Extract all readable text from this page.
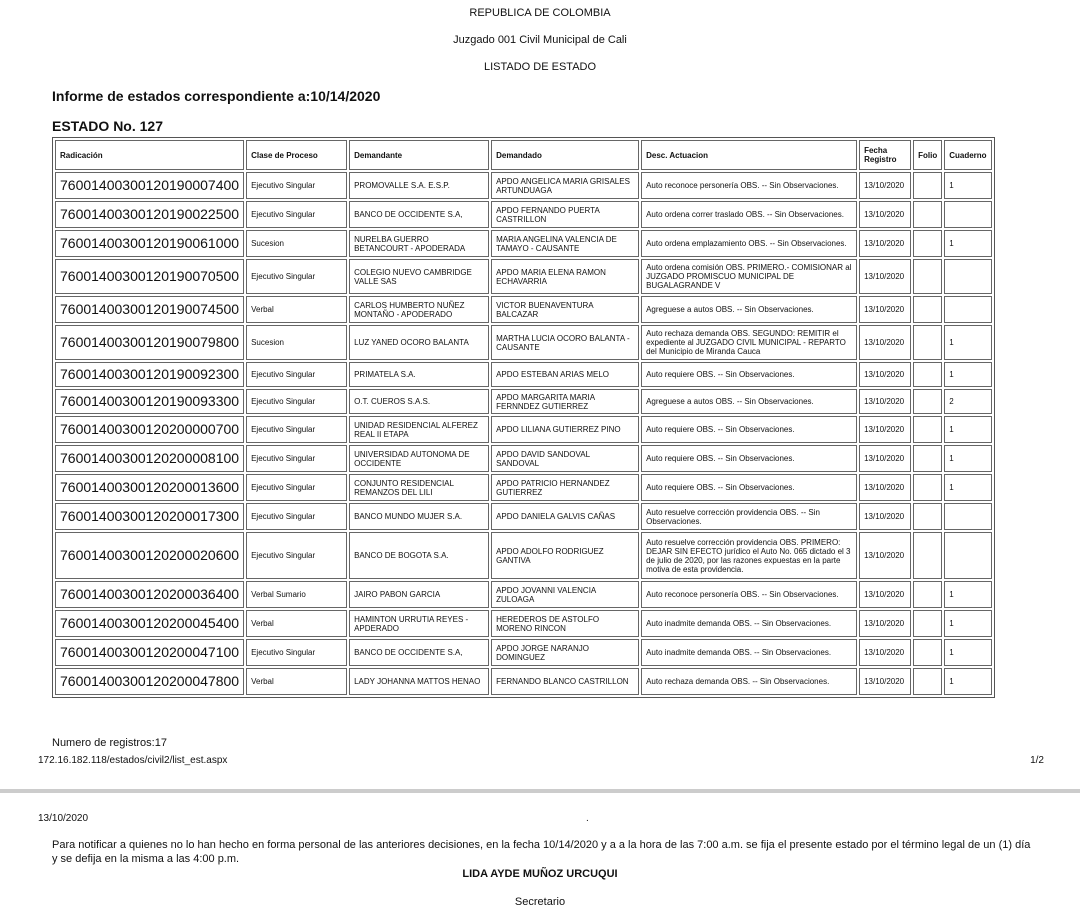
REPUBLICA DE COLOMBIA
Juzgado 001 Civil Municipal de Cali
LISTADO DE ESTADO
Informe de estados correspondiente a:10/14/2020
ESTADO No. 127
Radicación	Clase de Proceso	Demandante	Demandado	Desc. Actuacion	Fecha Registro	Folio	Cuaderno
76001400300120190007400	Ejecutivo Singular	PROMOVALLE S.A. E.S.P.	APDO ANGELICA MARIA GRISALES ARTUNDUAGA	Auto reconoce personería OBS. -- Sin Observaciones.	13/10/2020		1
76001400300120190022500	Ejecutivo Singular	BANCO DE OCCIDENTE S.A,	APDO FERNANDO PUERTA CASTRILLON	Auto ordena correr traslado OBS. -- Sin Observaciones.	13/10/2020		
76001400300120190061000	Sucesion	NURELBA GUERRO BETANCOURT - APODERADA	MARIA ANGELINA VALENCIA DE TAMAYO - CAUSANTE	Auto ordena emplazamiento OBS. -- Sin Observaciones.	13/10/2020		1
76001400300120190070500	Ejecutivo Singular	COLEGIO NUEVO CAMBRIDGE VALLE SAS	APDO MARIA ELENA RAMON ECHAVARRIA	Auto ordena comisión OBS. PRIMERO.- COMISIONAR al JUZGADO PROMISCUO MUNICIPAL DE BUGALAGRANDE V	13/10/2020		
76001400300120190074500	Verbal	CARLOS HUMBERTO NUÑEZ MONTAÑO - APODERADO	VICTOR BUENAVENTURA BALCAZAR	Agreguese a autos OBS. -- Sin Observaciones.	13/10/2020		
76001400300120190079800	Sucesion	LUZ YANED OCORO BALANTA	MARTHA LUCIA OCORO BALANTA - CAUSANTE	Auto rechaza demanda OBS. SEGUNDO: REMITIR el expediente al JUZGADO CIVIL MUNICIPAL - REPARTO del Municipio de Miranda Cauca	13/10/2020		1
76001400300120190092300	Ejecutivo Singular	PRIMATELA S.A.	APDO ESTEBAN ARIAS MELO	Auto requiere OBS. -- Sin Observaciones.	13/10/2020		1
76001400300120190093300	Ejecutivo Singular	O.T. CUEROS S.A.S.	APDO MARGARITA MARIA FERNNDEZ GUTIERREZ	Agreguese a autos OBS. -- Sin Observaciones.	13/10/2020		2
76001400300120200000700	Ejecutivo Singular	UNIDAD RESIDENCIAL ALFEREZ REAL II ETAPA	APDO LILIANA GUTIERREZ PINO	Auto requiere OBS. -- Sin Observaciones.	13/10/2020		1
76001400300120200008100	Ejecutivo Singular	UNIVERSIDAD AUTONOMA DE OCCIDENTE	APDO DAVID SANDOVAL SANDOVAL	Auto requiere OBS. -- Sin Observaciones.	13/10/2020		1
76001400300120200013600	Ejecutivo Singular	CONJUNTO RESIDENCIAL REMANZOS DEL LILI	APDO PATRICIO HERNANDEZ GUTIERREZ	Auto requiere OBS. -- Sin Observaciones.	13/10/2020		1
76001400300120200017300	Ejecutivo Singular	BANCO MUNDO MUJER S.A.	APDO DANIELA GALVIS CAÑAS	Auto resuelve corrección providencia OBS. -- Sin Observaciones.	13/10/2020		
76001400300120200020600	Ejecutivo Singular	BANCO DE BOGOTA S.A.	APDO ADOLFO RODRIGUEZ GANTIVA	Auto resuelve corrección providencia OBS. PRIMERO: DEJAR SIN EFECTO jurídico el Auto No. 065 dictado el 3 de julio de 2020, por las razones expuestas en la parte motiva de esta providencia.	13/10/2020		
76001400300120200036400	Verbal Sumario	JAIRO PABON GARCIA	APDO JOVANNI VALENCIA ZULOAGA	Auto reconoce personería OBS. -- Sin Observaciones.	13/10/2020		1
76001400300120200045400	Verbal	HAMINTON URRUTIA REYES - APDERADO	HEREDEROS DE ASTOLFO MORENO RINCON	Auto inadmite demanda OBS. -- Sin Observaciones.	13/10/2020		1
76001400300120200047100	Ejecutivo Singular	BANCO DE OCCIDENTE S.A,	APDO JORGE NARANJO DOMINGUEZ	Auto inadmite demanda OBS. -- Sin Observaciones.	13/10/2020		1
76001400300120200047800	Verbal	LADY JOHANNA MATTOS HENAO	FERNANDO BLANCO CASTRILLON	Auto rechaza demanda OBS. -- Sin Observaciones.	13/10/2020		1
Numero de registros:17
172.16.182.118/estados/civil2/list_est.aspx	1/2
13/10/2020	.
Para notificar a quienes no lo han hecho en forma personal de las anteriores decisiones, en la fecha 10/14/2020 y a a la hora de las 7:00 a.m. se fija el presente estado por el término legal de un (1) día y se defija en la misma a las 4:00 p.m.
LIDA AYDE MUÑOZ URCUQUI
Secretario
